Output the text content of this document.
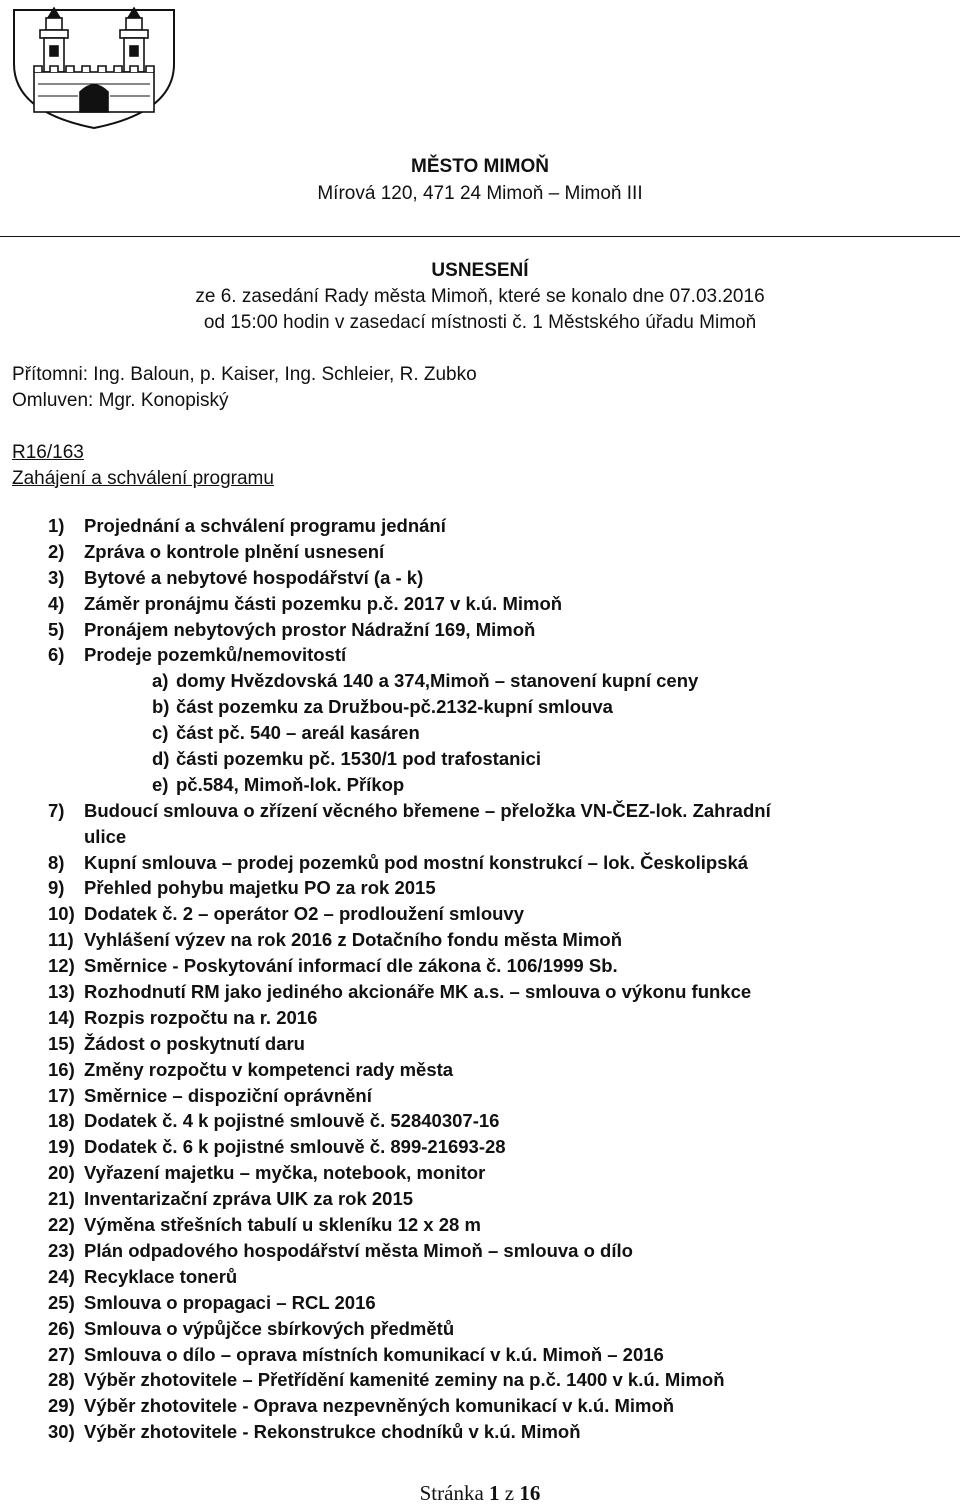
MĚSTO MIMOŇ
Mírová 120, 471 24 Mimoň – Mimoň III
USNESENÍ
ze 6. zasedání Rady města Mimoň, které se konalo dne 07.03.2016
od 15:00 hodin v zasedací místnosti č. 1 Městského úřadu Mimoň
Přítomni: Ing. Baloun, p. Kaiser, Ing. Schleier, R. Zubko
Omluven: Mgr. Konopiský
R16/163
Zahájení a schválení programu
1)	Projednání a schválení programu jednání
2)	Zpráva o kontrole plnění usnesení
3)	Bytové a nebytové hospodářství (a - k)
4)	Záměr pronájmu části pozemku p.č. 2017 v k.ú. Mimoň
5)	Pronájem nebytových prostor Nádražní 169, Mimoň
6)	Prodeje pozemků/nemovitostí
a) domy Hvězdovská 140 a 374,Mimoň – stanovení kupní ceny
b) část pozemku za Družbou-pč.2132-kupní smlouva
c) část pč. 540 – areál kasáren
d) části pozemku pč. 1530/1 pod trafostanici
e) pč.584, Mimoň-lok. Příkop
7)	Budoucí smlouva o zřízení věcného břemene – přeložka VN-ČEZ-lok. Zahradní
ulice
8)	Kupní smlouva – prodej pozemků pod mostní konstrukcí – lok. Českolipská
9)	Přehled pohybu majetku PO za rok 2015
10) Dodatek č. 2 – operátor O2 – prodloužení smlouvy
11) Vyhlášení výzev na rok 2016 z Dotačního fondu města Mimoň
12) Směrnice - Poskytování informací dle zákona č. 106/1999 Sb.
13) Rozhodnutí RM jako jediného akcionáře MK a.s. – smlouva o výkonu funkce
14) Rozpis rozpočtu na r. 2016
15) Žádost o poskytnutí daru
16) Změny rozpočtu v kompetenci rady města
17) Směrnice – dispoziční oprávnění
18) Dodatek č. 4 k pojistné smlouvě č. 52840307-16
19) Dodatek č. 6 k pojistné smlouvě č. 899-21693-28
20) Vyřazení majetku – myčka, notebook, monitor
21) Inventarizační zpráva UIK za rok 2015
22) Výměna střešních tabulí u skleníku 12 x 28 m
23) Plán odpadového hospodářství města Mimoň – smlouva o dílo
24) Recyklace tonerů
25) Smlouva o propagaci – RCL 2016
26) Smlouva o výpůjčce sbírkových předmětů
27) Smlouva o dílo – oprava místních komunikací v k.ú. Mimoň – 2016
28) Výběr zhotovitele – Přetřídění kamenité zeminy na p.č. 1400 v k.ú. Mimoň
29) Výběr zhotovitele - Oprava nezpevněných komunikací v k.ú. Mimoň
30) Výběr zhotovitele - Rekonstrukce chodníků v k.ú. Mimoň
Stránka 1 z 16
